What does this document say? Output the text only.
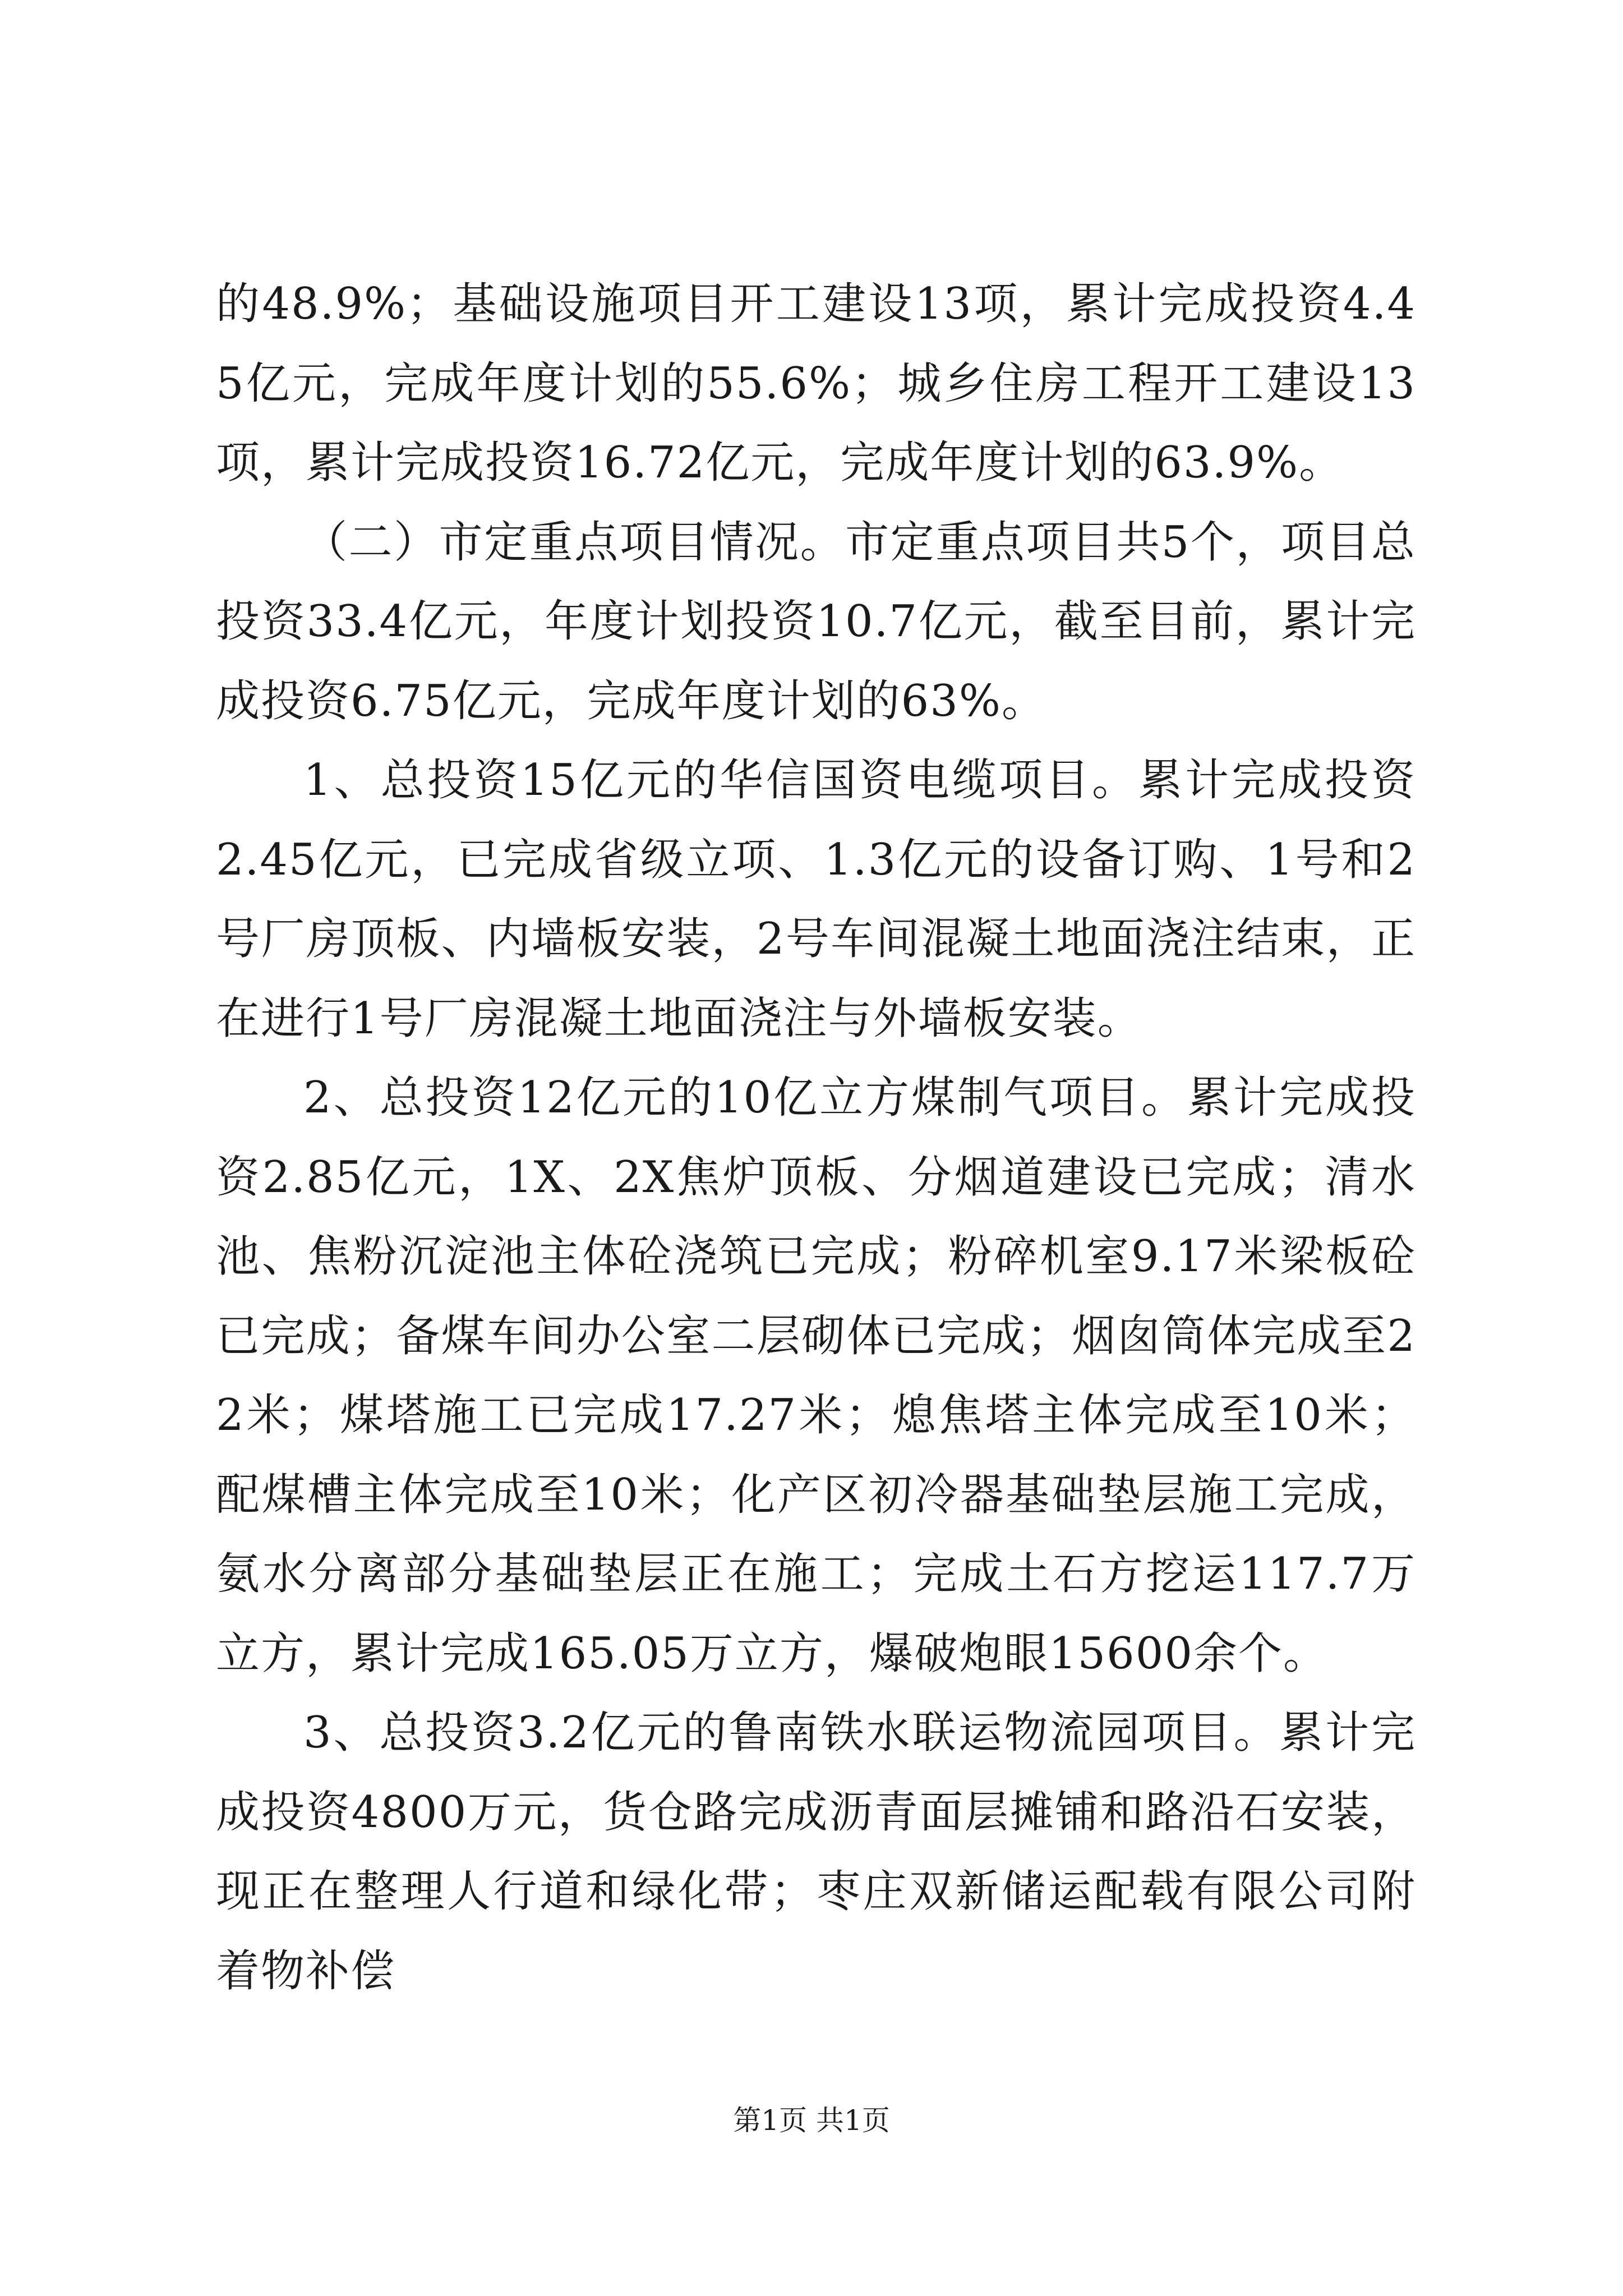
的48.9%；基础设施项目开工建设13项，累计完成投资4.45亿元，完成年度计划的55.6%；城乡住房工程开工建设13项，累计完成投资16.72亿元，完成年度计划的63.9%。

（二）市定重点项目情况。市定重点项目共5个，项目总投资33.4亿元，年度计划投资10.7亿元，截至目前，累计完成投资6.75亿元，完成年度计划的63%。

1、总投资15亿元的华信国资电缆项目。累计完成投资2.45亿元，已完成省级立项、1.3亿元的设备订购、1号和2号厂房顶板、内墙板安装，2号车间混凝土地面浇注结束，正在进行1号厂房混凝土地面浇注与外墙板安装。

2、总投资12亿元的10亿立方煤制气项目。累计完成投资2.85亿元，1X、2X焦炉顶板、分烟道建设已完成；清水池、焦粉沉淀池主体砼浇筑已完成；粉碎机室9.17米梁板砼已完成；备煤车间办公室二层砌体已完成；烟囱筒体完成至22米；煤塔施工已完成17.27米；熄焦塔主体完成至10米；配煤槽主体完成至10米；化产区初冷器基础垫层施工完成，氨水分离部分基础垫层正在施工；完成土石方挖运117.7万立方，累计完成165.05万立方，爆破炮眼15600余个。

3、总投资3.2亿元的鲁南铁水联运物流园项目。累计完成投资4800万元，货仓路完成沥青面层摊铺和路沿石安装，现正在整理人行道和绿化带；枣庄双新储运配载有限公司附着物补偿

第1页 共1页
